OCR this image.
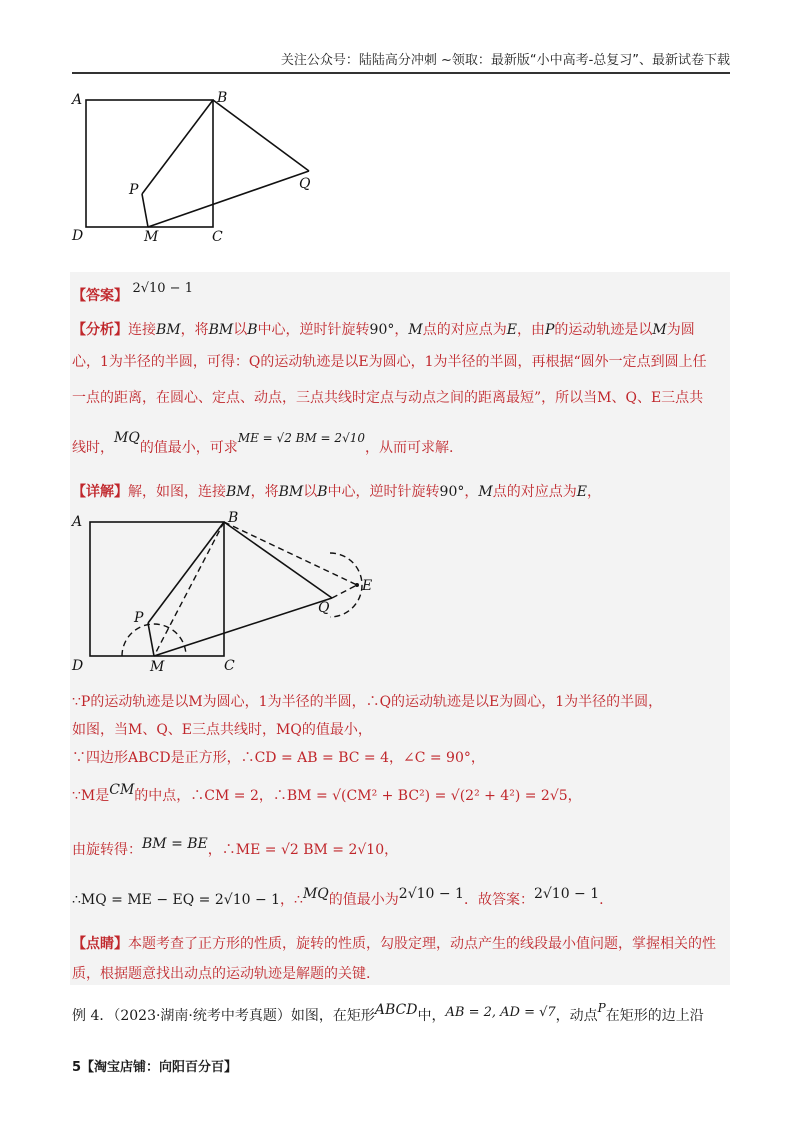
关注公众号：陆陆高分冲刺 ~领取：最新版“小中高考-总复习”、最新试卷下载
A	B
D	M	C
P	Q
【答案】 2√10 − 1
【分析】连接BM，将BM以B中心，逆时针旋转90°，M点的对应点为E，由P的运动轨迹是以M为圆
心，1为半径的半圆，可得：Q的运动轨迹是以E为圆心，1为半径的半圆，再根据“圆外一定点到圆上任
一点的距离，在圆心、定点、动点，三点共线时定点与动点之间的距离最短”，所以当M、Q、E三点共
线时，MQ的值最小，可求ME = √2 BM = 2√10，从而可求解.
【详解】解，如图，连接BM，将BM以B中心，逆时针旋转90°，M点的对应点为E，
A	B
D	M	C
P
Q
E
∵P的运动轨迹是以M为圆心，1为半径的半圆，∴Q的运动轨迹是以E为圆心，1为半径的半圆，
如图，当M、Q、E三点共线时，MQ的值最小，
∵四边形ABCD是正方形，∴CD = AB = BC = 4，∠C = 90°，
∵M是CM的中点，∴CM = 2，∴BM = √(CM² + BC²) = √(2² + 4²) = 2√5，
由旋转得：BM = BE，∴ME = √2 BM = 2√10，
∴MQ = ME − EQ = 2√10 − 1，∴MQ的值最小为2√10 − 1．故答案：2√10 − 1.
【点睛】本题考查了正方形的性质，旋转的性质，勾股定理，动点产生的线段最小值问题，掌握相关的性
质，根据题意找出动点的运动轨迹是解题的关键.
例 4．（2023·湖南·统考中考真题）如图，在矩形ABCD中，AB = 2, AD = √7，动点P在矩形的边上沿
5【淘宝店铺：向阳百分百】
